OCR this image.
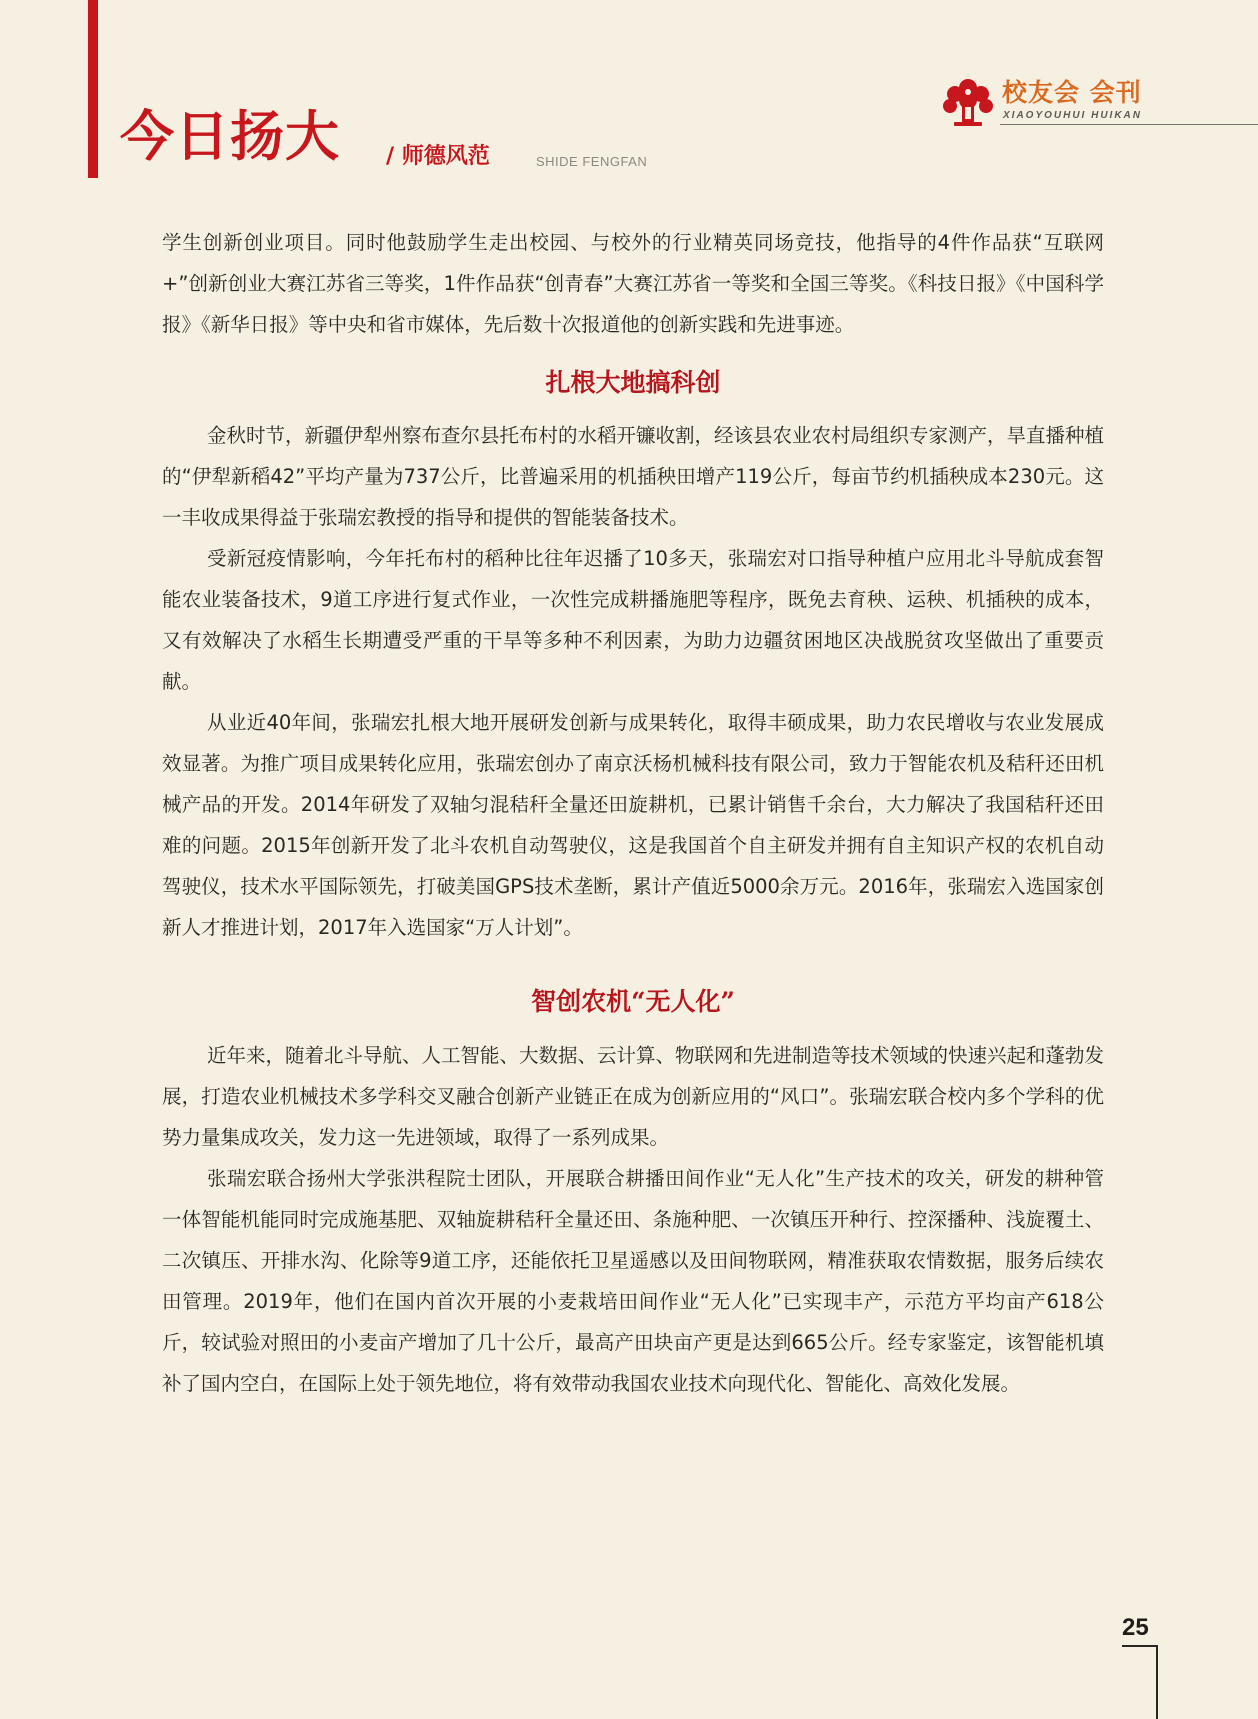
今日扬大 / 师德风范	SHIDE FENGFAN
校友会 会刊
XIAOYOUHUI HUIKAN

学生创新创业项目。同时他鼓励学生走出校园、与校外的行业精英同场竞技，他指导的4件作品获“互联网+”创新创业大赛江苏省三等奖，1件作品获“创青春”大赛江苏省一等奖和全国三等奖。《科技日报》《中国科学报》《新华日报》等中央和省市媒体，先后数十次报道他的创新实践和先进事迹。

扎根大地搞科创

金秋时节，新疆伊犁州察布查尔县托布村的水稻开镰收割，经该县农业农村局组织专家测产，旱直播种植的“伊犁新稻42”平均产量为737公斤，比普遍采用的机插秧田增产119公斤，每亩节约机插秧成本230元。这一丰收成果得益于张瑞宏教授的指导和提供的智能装备技术。

受新冠疫情影响，今年托布村的稻种比往年迟播了10多天，张瑞宏对口指导种植户应用北斗导航成套智能农业装备技术，9道工序进行复式作业，一次性完成耕播施肥等程序，既免去育秧、运秧、机插秧的成本，又有效解决了水稻生长期遭受严重的干旱等多种不利因素，为助力边疆贫困地区决战脱贫攻坚做出了重要贡献。

从业近40年间，张瑞宏扎根大地开展研发创新与成果转化，取得丰硕成果，助力农民增收与农业发展成效显著。为推广项目成果转化应用，张瑞宏创办了南京沃杨机械科技有限公司，致力于智能农机及秸秆还田机械产品的开发。2014年研发了双轴匀混秸秆全量还田旋耕机，已累计销售千余台，大力解决了我国秸秆还田难的问题。2015年创新开发了北斗农机自动驾驶仪，这是我国首个自主研发并拥有自主知识产权的农机自动驾驶仪，技术水平国际领先，打破美国GPS技术垄断，累计产值近5000余万元。2016年，张瑞宏入选国家创新人才推进计划，2017年入选国家“万人计划”。

智创农机“无人化”

近年来，随着北斗导航、人工智能、大数据、云计算、物联网和先进制造等技术领域的快速兴起和蓬勃发展，打造农业机械技术多学科交叉融合创新产业链正在成为创新应用的“风口”。张瑞宏联合校内多个学科的优势力量集成攻关，发力这一先进领域，取得了一系列成果。

张瑞宏联合扬州大学张洪程院士团队，开展联合耕播田间作业“无人化”生产技术的攻关，研发的耕种管一体智能机能同时完成施基肥、双轴旋耕秸秆全量还田、条施种肥、一次镇压开种行、控深播种、浅旋覆土、二次镇压、开排水沟、化除等9道工序，还能依托卫星遥感以及田间物联网，精准获取农情数据，服务后续农田管理。2019年，他们在国内首次开展的小麦栽培田间作业“无人化”已实现丰产，示范方平均亩产618公斤，较试验对照田的小麦亩产增加了几十公斤，最高产田块亩产更是达到665公斤。经专家鉴定，该智能机填补了国内空白，在国际上处于领先地位，将有效带动我国农业技术向现代化、智能化、高效化发展。

25
